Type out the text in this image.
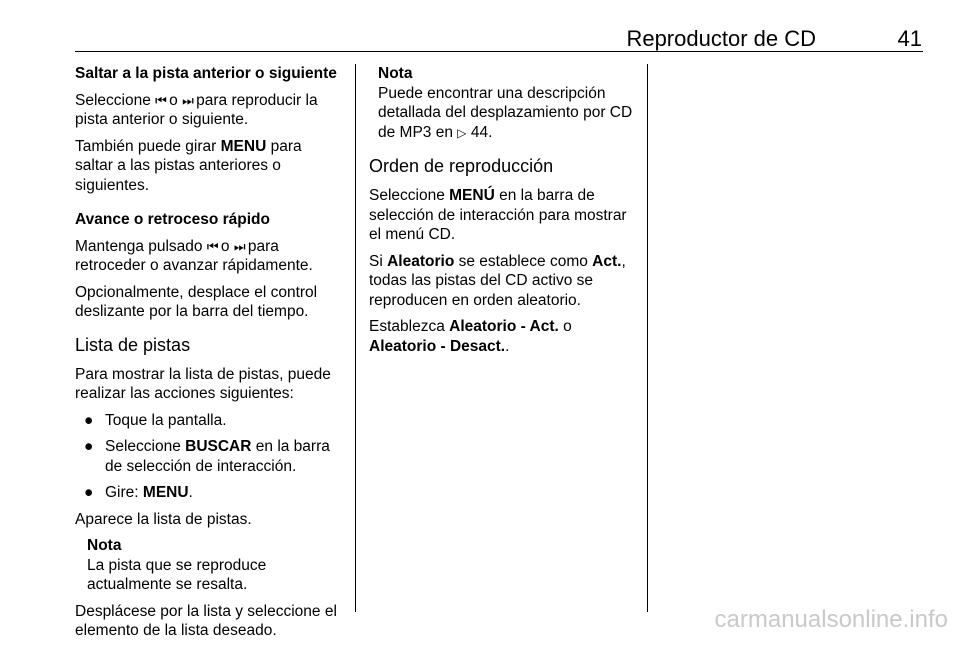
Reproductor de CD	41

Saltar a la pista anterior o siguiente

Seleccione ⏮ o ⏭ para reproducir la pista anterior o siguiente.

También puede girar MENU para saltar a las pistas anteriores o siguientes.

Avance o retroceso rápido

Mantenga pulsado ⏮ o ⏭ para retroceder o avanzar rápidamente.

Opcionalmente, desplace el control deslizante por la barra del tiempo.

Lista de pistas

Para mostrar la lista de pistas, puede realizar las acciones siguientes:

● Toque la pantalla.
● Seleccione BUSCAR en la barra de selección de interacción.
● Gire: MENU.

Aparece la lista de pistas.

Nota
La pista que se reproduce actualmente se resalta.

Desplácese por la lista y seleccione el elemento de la lista deseado.

Nota
Puede encontrar una descripción detallada del desplazamiento por CD de MP3 en ▷ 44.
Orden de reproducción

Seleccione MENÚ en la barra de selección de interacción para mostrar el menú CD.

Si Aleatorio se establece como Act., todas las pistas del CD activo se reproducen en orden aleatorio.

Establezca Aleatorio - Act. o Aleatorio - Desact..

carmanualsonline.info
